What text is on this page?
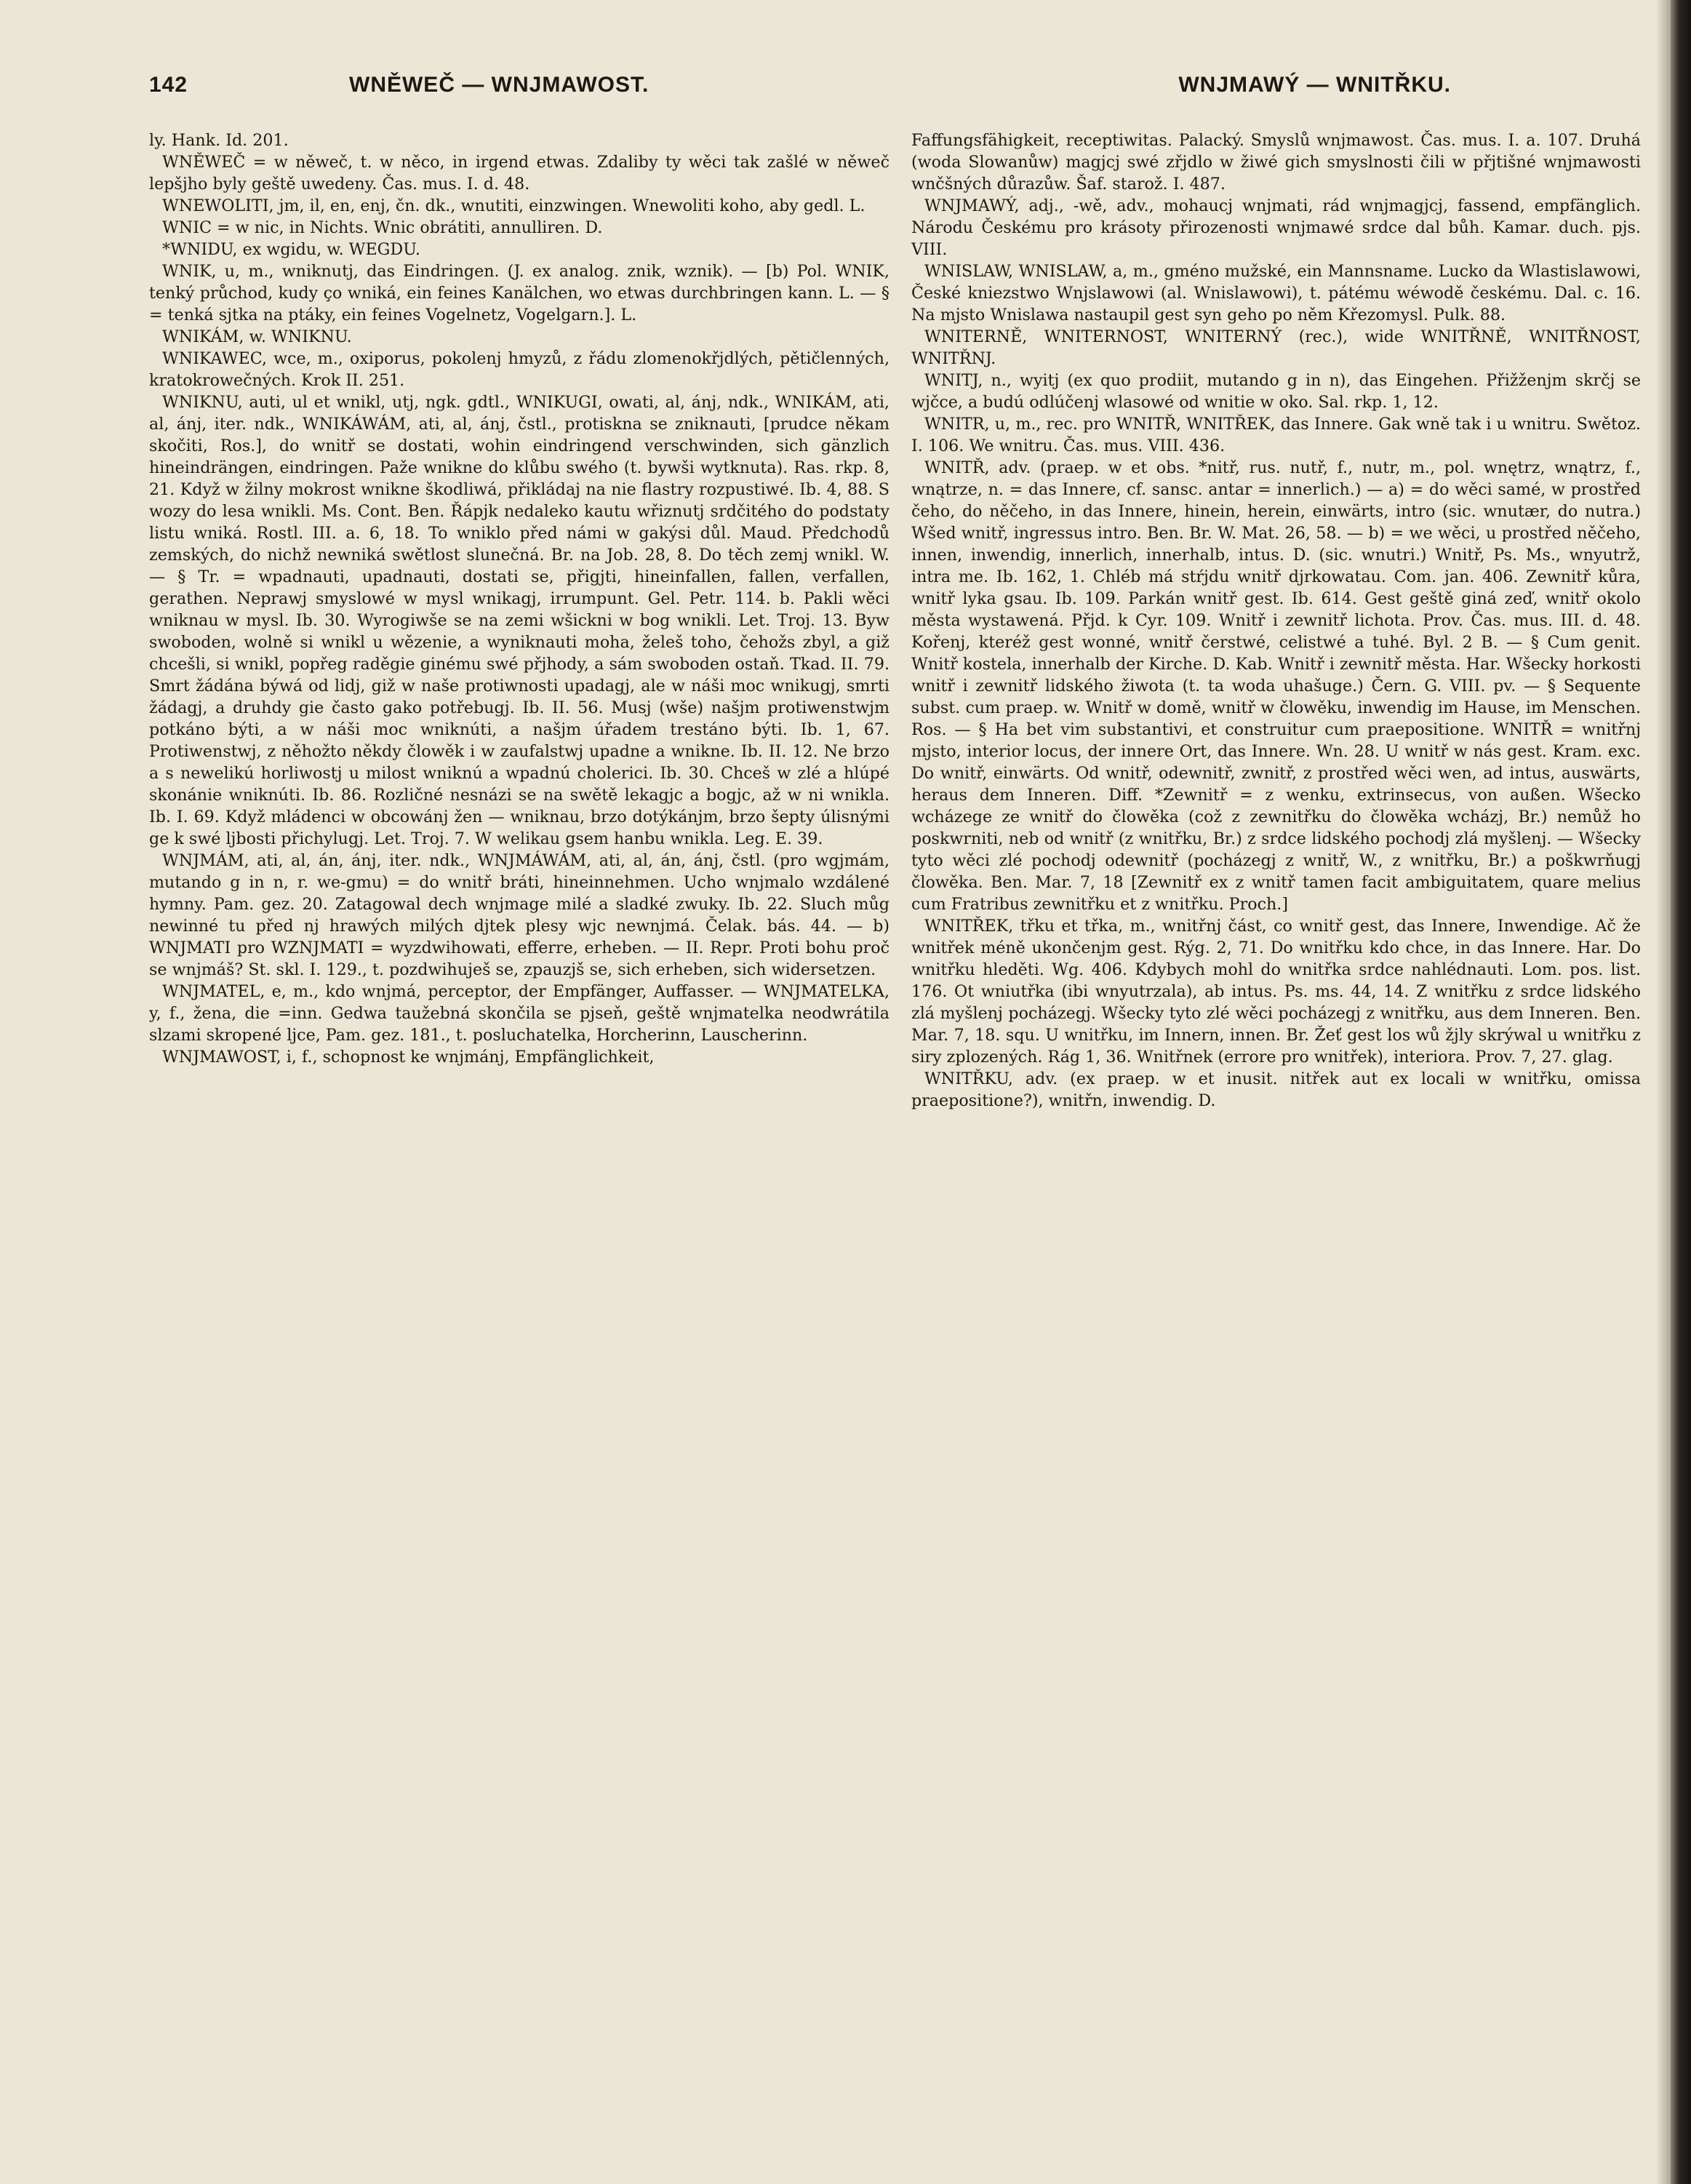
142	WNĚWEČ — WNJMAWOST.	WNJMAWÝ — WNITŘKU.

ly. Hank. Id. 201.

WNĚWEČ = w něweč, t. w něco, in irgend etwas. Zdaliby ty wěci tak zašlé w něweč lepšjho byly geště uwedeny. Čas. mus. I. d. 48.

WNEWOLITI, jm, il, en, enj, čn. dk., wnutiti, einzwingen. Wnewoliti koho, aby gedl. L.

WNIC = w nic, in Nichts. Wnic obrátiti, annulliren. D.

*WNIDU, ex wgidu, w. WEGDU.

WNIK, u, m., wniknutj, das Eindringen. (J. ex analog. znik, wznik). — [b) Pol. WNIK, tenký průchod, kudy ço wniká, ein feines Kanälchen, wo etwas durchbringen kann. L. — § = tenká sjtka na ptáky, ein feines Vogelnetz, Vogelgarn.]. L.

WNIKÁM, w. WNIKNU.

WNIKAWEC, wce, m., oxiporus, pokolenj hmyzů, z řádu zlomenokřjdlých, pětičlenných, kratokrowečných. Krok II. 251.

WNIKNU, auti, ul et wnikl, utj, ngk. gdtl., WNIKUGI, owati, al, ánj, ndk., WNIKÁM, ati, al, ánj, iter. ndk., WNIKÁWÁM, ati, al, ánj, čstl., protiskna se zniknauti, [prudce někam skočiti, Ros.], do wnitř se dostati, wohin eindringend verschwinden, sich gänzlich hineindrängen, eindringen. Paže wnikne do klůbu swého (t. bywši wytknuta). Ras. rkp. 8, 21. Když w žilny mokrost wnikne škodliwá, přikládaj na nie flastry rozpustiwé. Ib. 4, 88. S wozy do lesa wnikli. Ms. Cont. Ben. Řápjk nedaleko kautu wřiznutj srdčitého do podstaty listu wniká. Rostl. III. a. 6, 18. To wniklo před námi w gakýsi důl. Maud. Předchodů zemských, do nichž newniká swětlost slunečná. Br. na Job. 28, 8. Do těch zemj wnikl. W. — § Tr. = wpadnauti, upadnauti, dostati se, přigjti, hineinfallen, fallen, verfallen, gerathen. Neprawj smyslowé w mysl wnikagj, irrumpunt. Gel. Petr. 114. b. Pakli wěci wniknau w mysl. Ib. 30. Wyrogiwše se na zemi wšickni w bog wnikli. Let. Troj. 13. Byw swoboden, wolně si wnikl u wězenie, a wyniknauti moha, želeš toho, čehožs zbyl, a giž chcešli, si wnikl, popřeg raděgie ginému swé přjhody, a sám swoboden ostaň. Tkad. II. 79. Smrt žádána býwá od lidj, giž w naše protiwnosti upadagj, ale w náši moc wnikugj, smrti žádagj, a druhdy gie často gako potřebugj. Ib. II. 56. Musj (wše) našjm protiwenstwjm potkáno býti, a w náši moc wniknúti, a našjm úřadem trestáno býti. Ib. 1, 67. Protiwenstwj, z něhožto někdy člowěk i w zaufalstwj upadne a wnikne. Ib. II. 12. Ne brzo a s newelikú horliwostj u milost wniknú a wpadnú cholerici. Ib. 30. Chceš w zlé a hlúpé skonánie wniknúti. Ib. 86. Rozličné nesnázi se na swětě lekagjc a bogjc, až w ni wnikla. Ib. I. 69. Když mládenci w obcowánj žen — wniknau, brzo dotýkánjm, brzo šepty úlisnými ge k swé ljbosti přichylugj. Let. Troj. 7. W welikau gsem hanbu wnikla. Leg. E. 39.

WNJMÁM, ati, al, án, ánj, iter. ndk., WNJMÁWÁM, ati, al, án, ánj, čstl. (pro wgjmám, mutando g in n, r. we-gmu) = do wnitř bráti, hineinnehmen. Ucho wnjmalo wzdálené hymny. Pam. gez. 20. Zatagowal dech wnjmage milé a sladké zwuky. Ib. 22. Sluch můg newinné tu před nj hrawých milých djtek plesy wjc newnjmá. Čelak. bás. 44. — b) WNJMATI pro WZNJMATI = wyzdwihowati, efferre, erheben. — II. Repr. Proti bohu proč se wnjmáš? St. skl. I. 129., t. pozdwihuješ se, zpauzjš se, sich erheben, sich widersetzen.

WNJMATEL, e, m., kdo wnjmá, perceptor, der Empfänger, Auffasser. — WNJMATELKA, y, f., žena, die =inn. Gedwa taužebná skončila se pjseň, geště wnjmatelka neodwrátila slzami skropené ljce, Pam. gez. 181., t. posluchatelka, Horcherinn, Lauscherinn.

WNJMAWOST, i, f., schopnost ke wnjmánj, Empfänglichkeit,

Faffungsfähigkeit, receptiwitas. Palacký. Smyslů wnjmawost. Čas. mus. I. a. 107. Druhá (woda Slowanůw) magjcj swé zřjdlo w žiwé gich smyslnosti čili w přjtišné wnjmawosti wnčšných důrazůw. Šaf. starož. I. 487.

WNJMAWÝ, adj., -wě, adv., mohaucj wnjmati, rád wnjmagjcj, fassend, empfänglich. Národu Českému pro krásoty přirozenosti wnjmawé srdce dal bůh. Kamar. duch. pjs. VIII.

WNISLAW, WNISLAW, a, m., gméno mužské, ein Mannsname. Lucko da Wlastislawowi, České kniezstwo Wnjslawowi (al. Wnislawowi), t. pátému wéwodě českému. Dal. c. 16. Na mjsto Wnislawa nastaupil gest syn geho po něm Křezomysl. Pulk. 88.

WNITERNĚ, WNITERNOST, WNITERNÝ (rec.), wide WNITŘNĚ, WNITŘNOST, WNITŘNJ.

WNITJ, n., wyitj (ex quo prodiit, mutando g in n), das Eingehen. Přižženjm skrčj se wjčce, a budú odlúčenj wlasowé od wnitie w oko. Sal. rkp. 1, 12.

WNITR, u, m., rec. pro WNITŘ, WNITŘEK, das Innere. Gak wně tak i u wnitru. Swětoz. I. 106. We wnitru. Čas. mus. VIII. 436.

WNITŘ, adv. (praep. w et obs. *nitř, rus. nutř, f., nutr, m., pol. wnętrz, wnątrz, f., wnątrze, n. = das Innere, cf. sansc. antar = innerlich.) — a) = do wěci samé, w prostřed čeho, do něčeho, in das Innere, hinein, herein, einwärts, intro (sic. wnutær, do nutra.) Wšed wnitř, ingressus intro. Ben. Br. W. Mat. 26, 58. — b) = we wěci, u prostřed něčeho, innen, inwendig, innerlich, innerhalb, intus. D. (sic. wnutri.) Wnitř, Ps. Ms., wnyutrž, intra me. Ib. 162, 1. Chléb má stŕjdu wnitř djrkowatau. Com. jan. 406. Zewnitř kůra, wnitř lyka gsau. Ib. 109. Parkán wnitř gest. Ib. 614. Gest geště giná zeď, wnitř okolo města wystawená. Přjd. k Cyr. 109. Wnitř i zewnitř lichota. Prov. Čas. mus. III. d. 48. Kořenj, kteréž gest wonné, wnitř čerstwé, celistwé a tuhé. Byl. 2 B. — § Cum genit. Wnitř kostela, innerhalb der Kirche. D. Kab. Wnitř i zewnitř města. Har. Wšecky horkosti wnitř i zewnitř lidského žiwota (t. ta woda uhašuge.) Čern. G. VIII. pv. — § Sequente subst. cum praep. w. Wnitř w domě, wnitř w člowěku, inwendig im Hause, im Menschen. Ros. — § Ha bet vim substantivi, et construitur cum praepositione. WNITŘ = wnitřnj mjsto, interior locus, der innere Ort, das Innere. Wn. 28. U wnitř w nás gest. Kram. exc. Do wnitř, einwärts. Od wnitř, odewnitř, zwnitř, z prostřed wěci wen, ad intus, auswärts, heraus dem Inneren. Diff. *Zewnitř = z wenku, extrinsecus, von außen. Wšecko wcházege ze wnitř do člowěka (což z zewnitřku do člowěka wcházj, Br.) nemůž ho poskwrniti, neb od wnitř (z wnitřku, Br.) z srdce lidského pochodj zlá myšlenj. — Wšecky tyto wěci zlé pochodj odewnitř (pocházegj z wnitř, W., z wnitřku, Br.) a poškwrňugj člowěka. Ben. Mar. 7, 18 [Zewnitř ex z wnitř tamen facit ambiguitatem, quare melius cum Fratribus zewnitřku et z wnitřku. Proch.]

WNITŘEK, třku et třka, m., wnitřnj část, co wnitř gest, das Innere, Inwendige. Ač že wnitřek méně ukončenjm gest. Rýg. 2, 71. Do wnitřku kdo chce, in das Innere. Har. Do wnitřku hleděti. Wg. 406. Kdybych mohl do wnitřka srdce nahlédnauti. Lom. pos. list. 176. Ot wniutřka (ibi wnyutrzala), ab intus. Ps. ms. 44, 14. Z wnitřku z srdce lidského zlá myšlenj pocházegj. Wšecky tyto zlé wěci pocházegj z wnitřku, aus dem Inneren. Ben. Mar. 7, 18. squ. U wnitřku, im Innern, innen. Br. Žeť gest los wů žjly skrýwal u wnitřku z siry zplozených. Rág 1, 36. Wnitřnek (errore pro wnitřek), interiora. Prov. 7, 27. glag.

WNITŘKU, adv. (ex praep. w et inusit. nitřek aut ex locali w wnitřku, omissa praepositione?), wnitřn, inwendig. D.
